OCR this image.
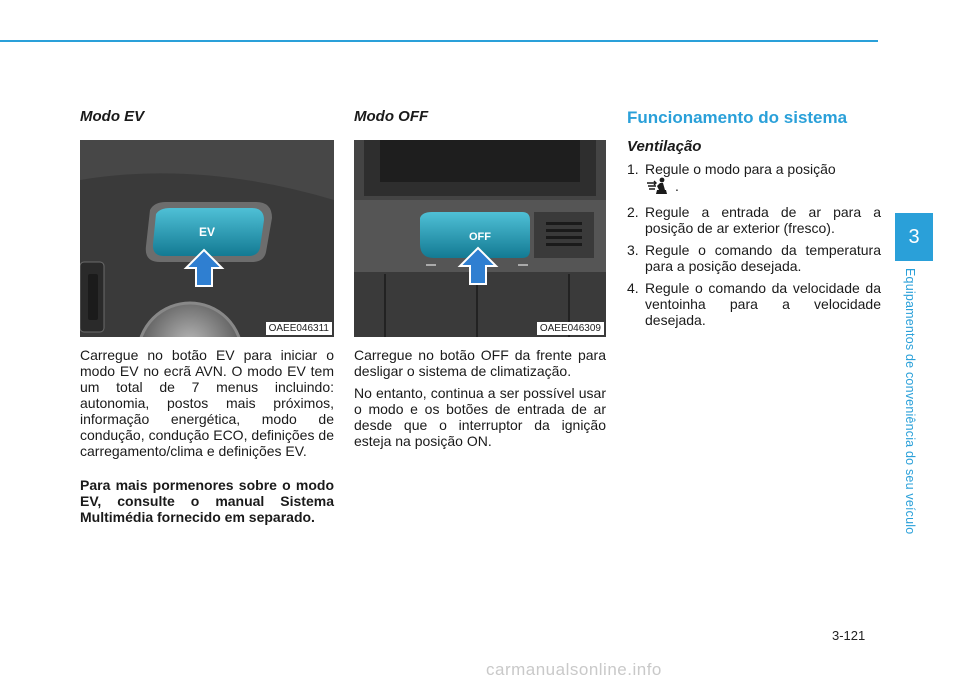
Modo EV
EV
OAEE046311

Carregue no botão EV para iniciar o modo EV no ecrã AVN. O modo EV tem um total de 7 menus incluindo: autonomia, postos mais próximos, informação energética, modo de condução, condução ECO, definições de carregamento/clima e definições EV.

Para mais pormenores sobre o modo EV, consulte o manual Sistema Multimédia fornecido em separado.
Modo OFF
OFF
OAEE046309

Carregue no botão OFF da frente para desligar o sistema de climatização.

No entanto, continua a ser possível usar o modo e os botões de entrada de ar desde que o interruptor da ignição esteja na posição ON.

Funcionamento do sistema
Ventilação
1. Regule o modo para a posição
.
2. Regule a entrada de ar para a posição de ar exterior (fresco).
3. Regule o comando da temperatura para a posição desejada.
4. Regule o comando da velocidade da ventoinha para a velocidade desejada.
3
Equipamentos de conveniência do seu veículo
3-121
carmanualsonline.info
